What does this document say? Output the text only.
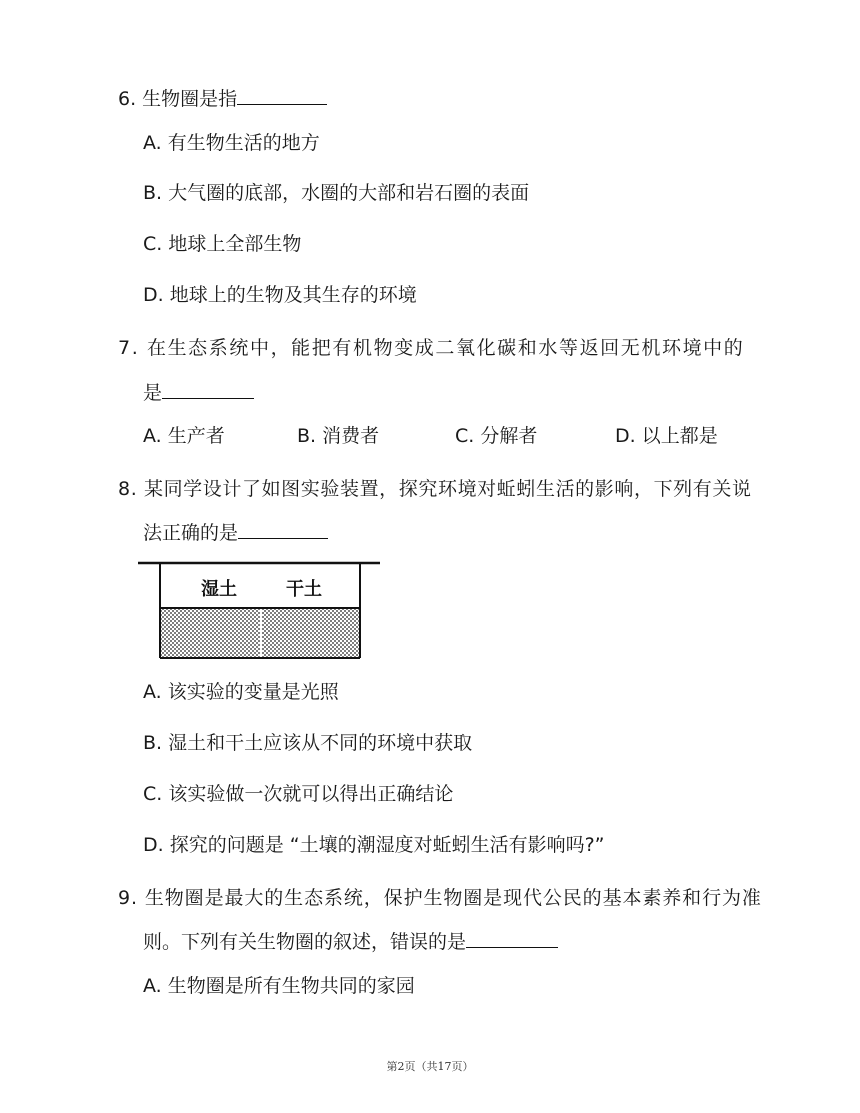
6. 生物圈是指
A. 有生物生活的地方
B. 大气圈的底部，水圈的大部和岩石圈的表面
C. 地球上全部生物
D. 地球上的生物及其生存的环境
7. 在生态系统中，能把有机物变成二氧化碳和水等返回无机环境中的
是
A. 生产者	B. 消费者	C. 分解者	D. 以上都是
8. 某同学设计了如图实验装置，探究环境对蚯蚓生活的影响，下列有关说
法正确的是
湿土	干土
A. 该实验的变量是光照
B. 湿土和干土应该从不同的环境中获取
C. 该实验做一次就可以得出正确结论
D. 探究的问题是 “土壤的潮湿度对蚯蚓生活有影响吗?”
9. 生物圈是最大的生态系统，保护生物圈是现代公民的基本素养和行为准
则。下列有关生物圈的叙述，错误的是
A. 生物圈是所有生物共同的家园
第2页（共17页）
